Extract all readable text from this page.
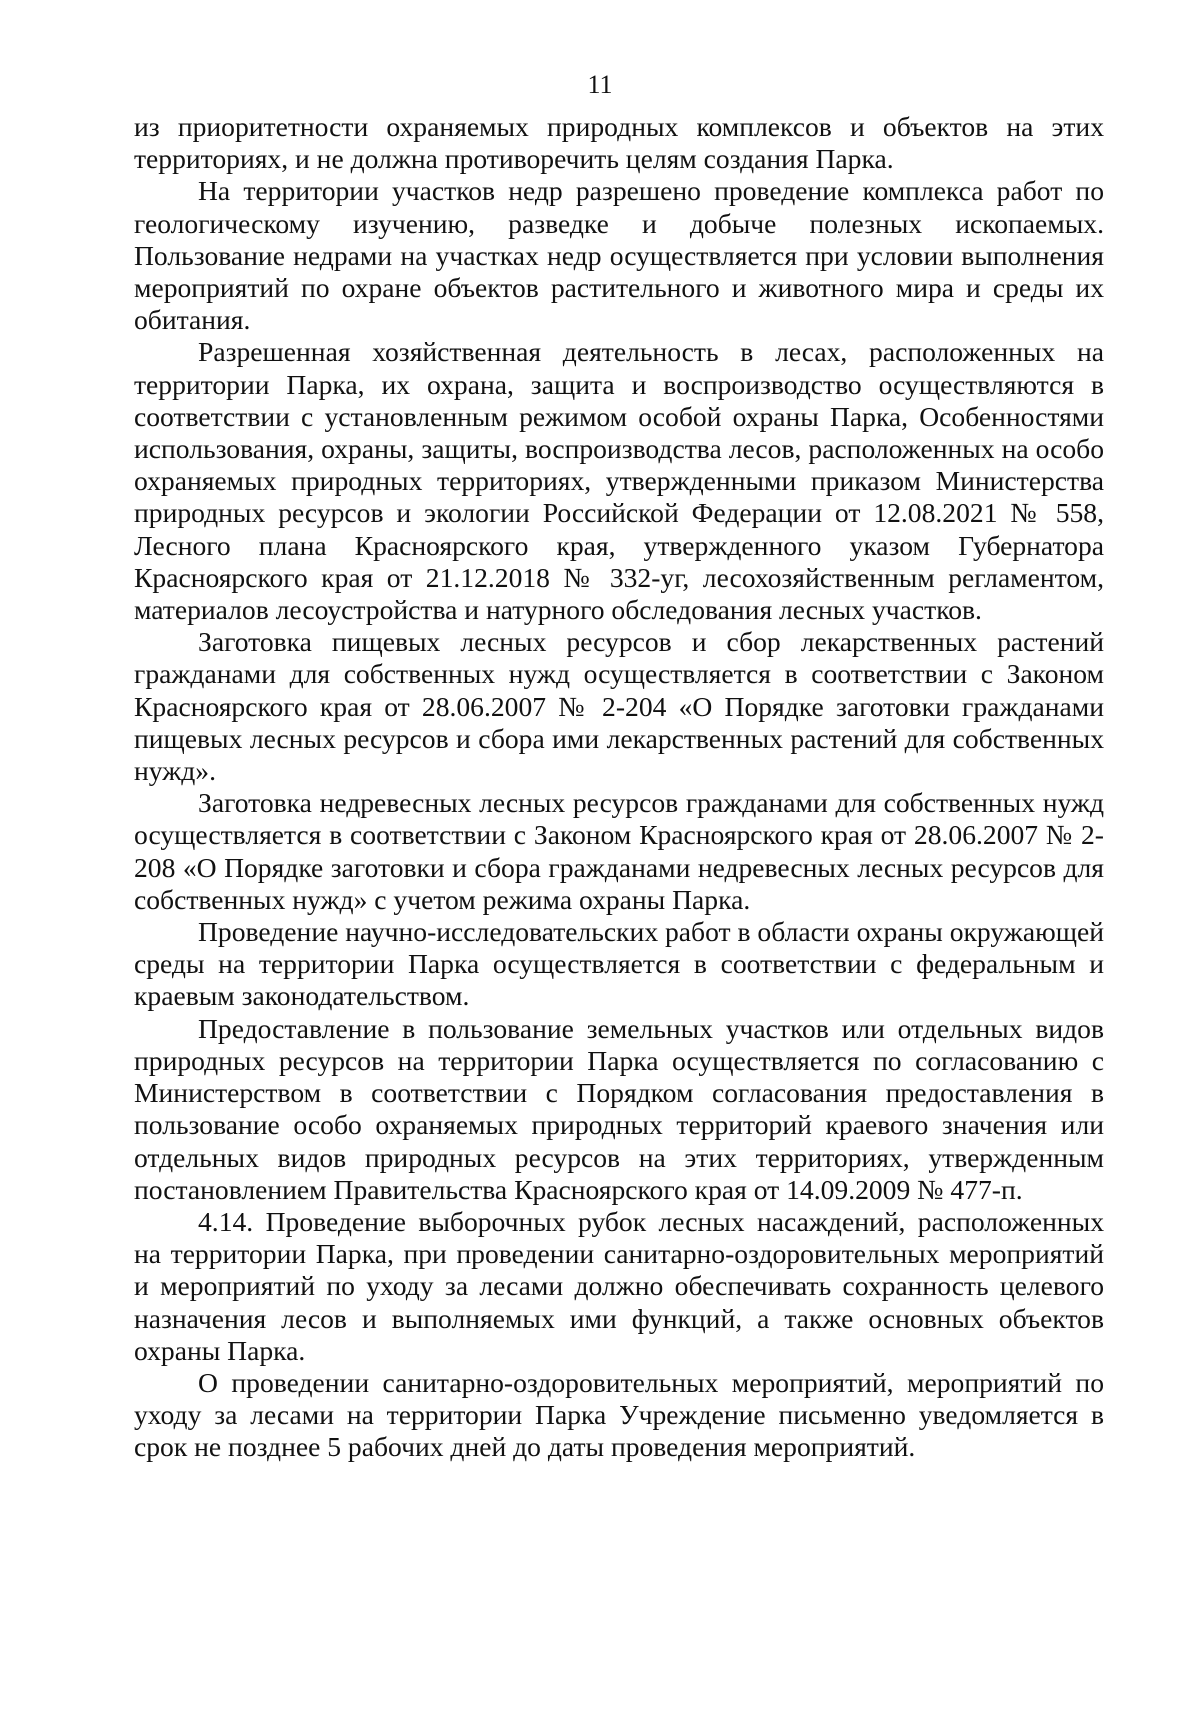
11

из приоритетности охраняемых природных комплексов и объектов на этих территориях, и не должна противоречить целям создания Парка.

На территории участков недр разрешено проведение комплекса работ по геологическому изучению, разведке и добыче полезных ископаемых. Пользование недрами на участках недр осуществляется при условии выполнения мероприятий по охране объектов растительного и животного мира и среды их обитания.

Разрешенная хозяйственная деятельность в лесах, расположенных на территории Парка, их охрана, защита и воспроизводство осуществляются в соответствии с установленным режимом особой охраны Парка, Особенностями использования, охраны, защиты, воспроизводства лесов, расположенных на особо охраняемых природных территориях, утвержденными приказом Министерства природных ресурсов и экологии Российской Федерации от 12.08.2021 № 558, Лесного плана Красноярского края, утвержденного указом Губернатора Красноярского края от 21.12.2018 № 332-уг, лесохозяйственным регламентом, материалов лесоустройства и натурного обследования лесных участков.

Заготовка пищевых лесных ресурсов и сбор лекарственных растений гражданами для собственных нужд осуществляется в соответствии с Законом Красноярского края от 28.06.2007 № 2-204 «О Порядке заготовки гражданами пищевых лесных ресурсов и сбора ими лекарственных растений для собственных нужд».

Заготовка недревесных лесных ресурсов гражданами для собственных нужд осуществляется в соответствии с Законом Красноярского края от 28.06.2007 № 2-208 «О Порядке заготовки и сбора гражданами недревесных лесных ресурсов для собственных нужд» с учетом режима охраны Парка.

Проведение научно-исследовательских работ в области охраны окружающей среды на территории Парка осуществляется в соответствии с федеральным и краевым законодательством.

Предоставление в пользование земельных участков или отдельных видов природных ресурсов на территории Парка осуществляется по согласованию с Министерством в соответствии с Порядком согласования предоставления в пользование особо охраняемых природных территорий краевого значения или отдельных видов природных ресурсов на этих территориях, утвержденным постановлением Правительства Красноярского края от 14.09.2009 № 477-п.

4.14. Проведение выборочных рубок лесных насаждений, расположенных на территории Парка, при проведении санитарно-оздоровительных мероприятий и мероприятий по уходу за лесами должно обеспечивать сохранность целевого назначения лесов и выполняемых ими функций, а также основных объектов охраны Парка.

О проведении санитарно-оздоровительных мероприятий, мероприятий по уходу за лесами на территории Парка Учреждение письменно уведомляется в срок не позднее 5 рабочих дней до даты проведения мероприятий.
